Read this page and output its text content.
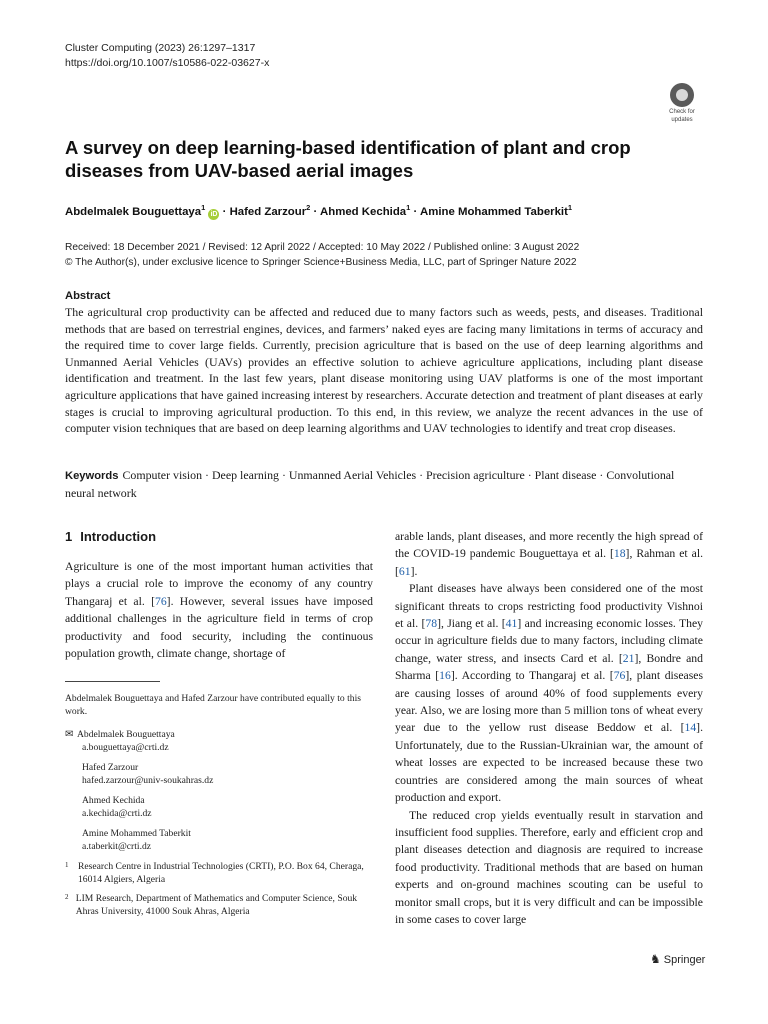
Cluster Computing (2023) 26:1297–1317
https://doi.org/10.1007/s10586-022-03627-x
Check for
updates
A survey on deep learning-based identification of plant and crop diseases from UAV-based aerial images
Abdelmalek Bouguettaya$^1$ iD · Hafed Zarzour$^2$ · Ahmed Kechida$^1$ · Amine Mohammed Taberkit$^1$
Received: 18 December 2021 / Revised: 12 April 2022 / Accepted: 10 May 2022 / Published online: 3 August 2022
© The Author(s), under exclusive licence to Springer Science+Business Media, LLC, part of Springer Nature 2022
Abstract

The agricultural crop productivity can be affected and reduced due to many factors such as weeds, pests, and diseases. Traditional methods that are based on terrestrial engines, devices, and farmers’ naked eyes are facing many limitations in terms of accuracy and the required time to cover large fields. Currently, precision agriculture that is based on the use of deep learning algorithms and Unmanned Aerial Vehicles (UAVs) provides an effective solution to achieve agriculture applications, including plant disease identification and treatment. In the last few years, plant disease monitoring using UAV platforms is one of the most important agriculture applications that have gained increasing interest by researchers. Accurate detection and treatment of plant diseases at early stages is crucial to improving agricultural production. To this end, in this review, we analyze the recent advances in the use of computer vision techniques that are based on deep learning algorithms and UAV technologies to identify and treat crop diseases.

Keywords Computer vision · Deep learning · Unmanned Aerial Vehicles · Precision agriculture · Plant disease · Convolutional neural network
1 Introduction

Agriculture is one of the most important human activities that plays a crucial role to improve the economy of any country Thangaraj et al. [76]. However, several issues have imposed additional challenges in the agriculture field in terms of crop productivity and food security, including the continuous population growth, climate change, shortage of

Abdelmalek Bouguettaya and Hafed Zarzour have contributed equally to this work.
✉ Abdelmalek Bouguettaya
a.bouguettaya@crti.dz
Hafed Zarzour
hafed.zarzour@univ-soukahras.dz
Ahmed Kechida
a.kechida@crti.dz
Amine Mohammed Taberkit
a.taberkit@crti.dz
1 Research Centre in Industrial Technologies (CRTI), P.O. Box 64, Cheraga, 16014 Algiers, Algeria
2 LIM Research, Department of Mathematics and Computer Science, Souk Ahras University, 41000 Souk Ahras, Algeria

arable lands, plant diseases, and more recently the high spread of the COVID-19 pandemic Bouguettaya et al. [18], Rahman et al. [61].

Plant diseases have always been considered one of the most significant threats to crops restricting food productivity Vishnoi et al. [78], Jiang et al. [41] and increasing economic losses. They occur in agriculture fields due to many factors, including climate change, water stress, and insects Card et al. [21], Bondre and Sharma [16]. According to Thangaraj et al. [76], plant diseases are causing losses of around 40% of food supplements every year. Also, we are losing more than 5 million tons of wheat every year due to the yellow rust disease Beddow et al. [14]. Unfortunately, due to the Russian-Ukrainian war, the amount of wheat losses are expected to be increased because these two countries are considered among the main sources of wheat production and export.

The reduced crop yields eventually result in starvation and insufficient food supplies. Therefore, early and efficient crop and plant diseases detection and diagnosis are required to increase food productivity. Traditional methods that are based on human experts and on-ground machines scouting can be useful to monitor small crops, but it is very difficult and can be impossible in some cases to cover large

♞ Springer
